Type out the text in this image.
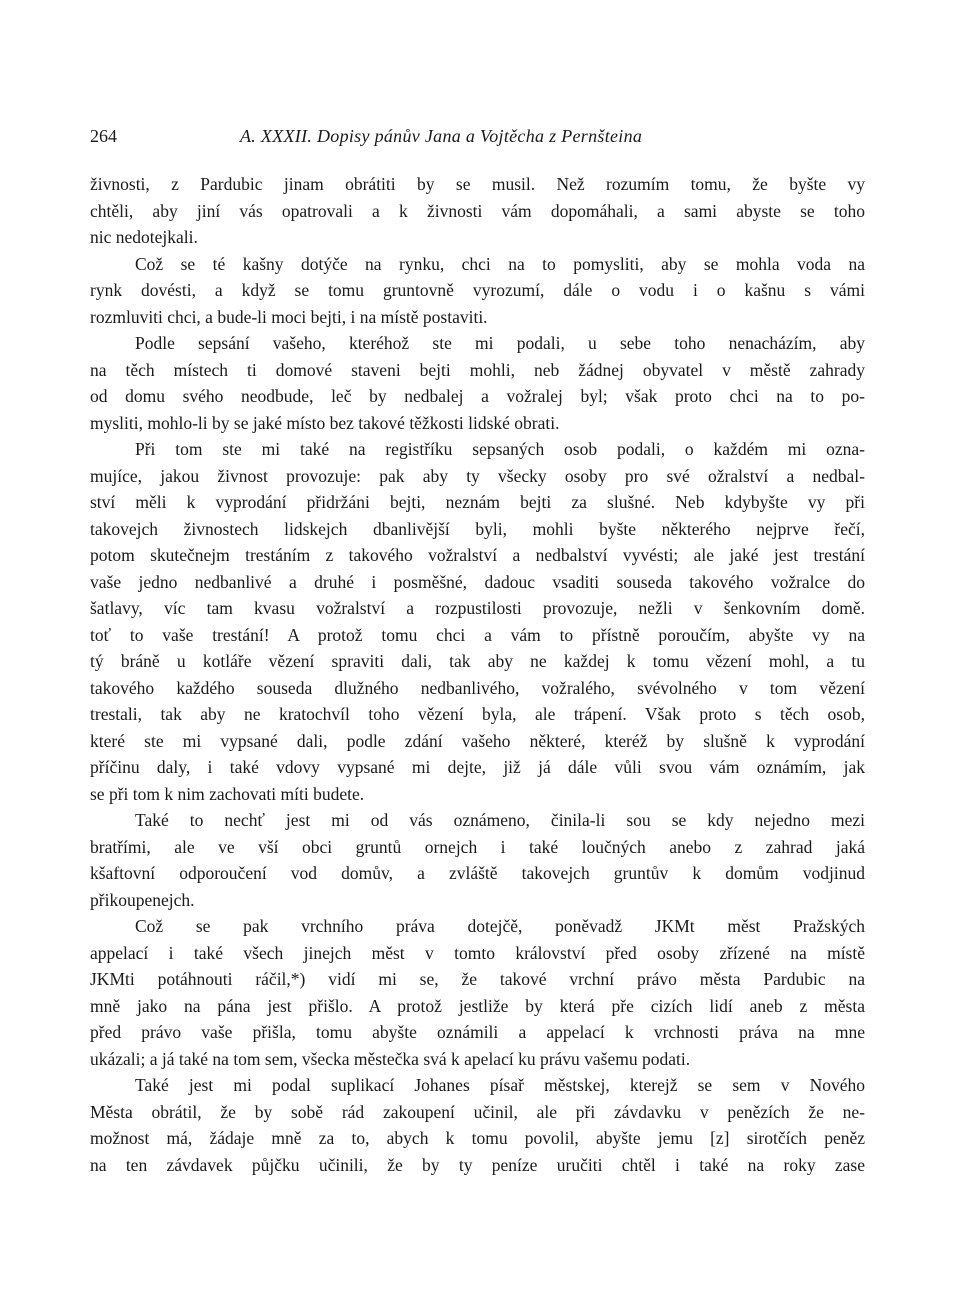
264	A. XXXII. Dopisy pánův Jana a Vojtěcha z Pernšteina
živnosti, z Pardubic jinam obrátiti by se musil. Než rozumím tomu, že byšte vy
chtěli, aby jiní vás opatrovali a k živnosti vám dopomáhali, a sami abyste se toho
nic nedotejkali.
Což se té kašny dotýče na rynku, chci na to pomysliti, aby se mohla voda na
rynk dovésti, a když se tomu gruntovně vyrozumí, dále o vodu i o kašnu s vámi
rozmluviti chci, a bude-li moci bejti, i na místě postaviti.
Podle sepsání vašeho, kteréhož ste mi podali, u sebe toho nenacházím, aby
na těch místech ti domové staveni bejti mohli, neb žádnej obyvatel v městě zahrady
od domu svého neodbude, leč by nedbalej a vožralej byl; však proto chci na to po-
mysliti, mohlo-li by se jaké místo bez takové těžkosti lidské obrati.
Při tom ste mi také na registříku sepsaných osob podali, o každém mi ozna-
mujíce, jakou živnost provozuje: pak aby ty všecky osoby pro své ožralství a nedbal-
ství měli k vyprodání přidržáni bejti, neznám bejti za slušné. Neb kdybyšte vy při
takovejch živnostech lidskejch dbanlivější byli, mohli byšte některého nejprve řečí,
potom skutečnejm trestáním z takového vožralství a nedbalství vyvésti; ale jaké jest trestání
vaše jedno nedbanlivé a druhé i posměšné, dadouc vsaditi souseda takového vožralce do
šatlavy, víc tam kvasu vožralství a rozpustilosti provozuje, nežli v šenkovním domě.
toť to vaše trestání! A protož tomu chci a vám to přístně poroučím, abyšte vy na
tý bráně u kotláře vězení spraviti dali, tak aby ne každej k tomu vězení mohl, a tu
takového každého souseda dlužného nedbanlivého, vožralého, svévolného v tom vězení
trestali, tak aby ne kratochvíl toho vězení byla, ale trápení. Však proto s těch osob,
které ste mi vypsané dali, podle zdání vašeho některé, kteréž by slušně k vyprodání
příčinu daly, i také vdovy vypsané mi dejte, již já dále vůli svou vám oznámím, jak
se při tom k nim zachovati míti budete.
Také to nechť jest mi od vás oznámeno, činila-li sou se kdy nejedno mezi
bratřími, ale ve vší obci gruntů ornejch i také loučných anebo z zahrad jaká
kšaftovní odporoučení vod domův, a zvláště takovejch gruntův k domům vodjinud
přikoupenejch.
Což se pak vrchního práva dotejčě, poněvadž JKMt měst Pražských
appelací i také všech jinejch měst v tomto království před osoby zřízené na místě
JKMti potáhnouti ráčil,*) vidí mi se, že takové vrchní právo města Pardubic na
mně jako na pána jest přišlo. A protož jestliže by která pře cizích lidí aneb z města
před právo vaše přišla, tomu abyšte oznámili a appelací k vrchnosti práva na mne
ukázali; a já také na tom sem, všecka městečka svá k apelací ku právu vašemu podati.
Také jest mi podal suplikací Johanes písař městskej, kterejž se sem v Nového
Města obrátil, že by sobě rád zakoupení učinil, ale při závdavku v penězích že ne-
možnost má, žádaje mně za to, abych k tomu povolil, abyšte jemu [z] sirotčích peněz
na ten závdavek půjčku učinili, že by ty peníze uručiti chtěl i také na roky zase
